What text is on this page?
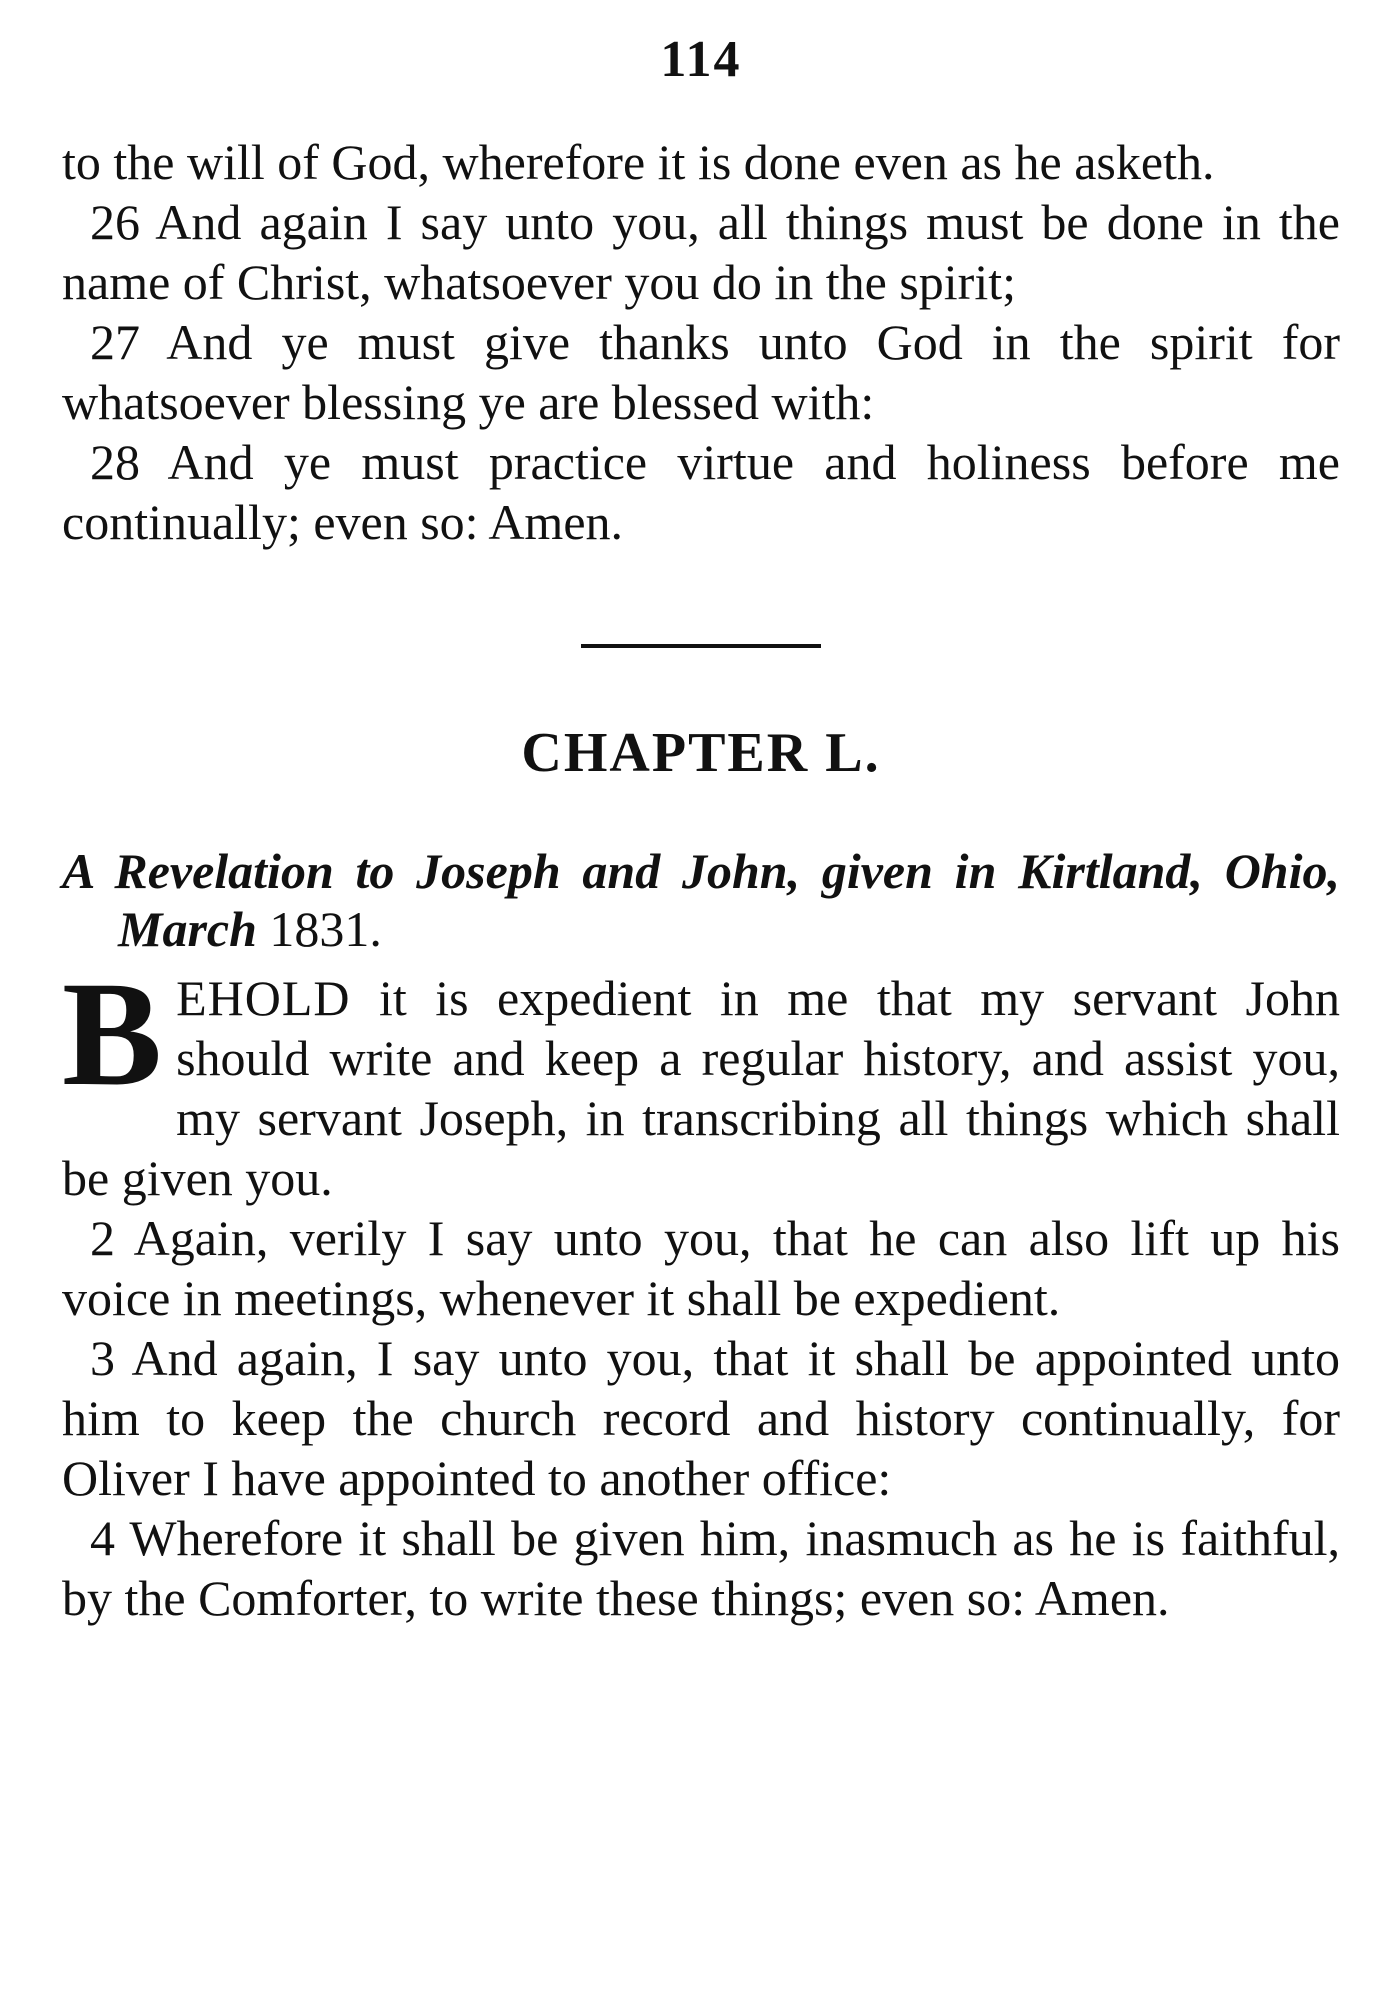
114

to the will of God, wherefore it is done even as he asketh.

26 And again I say unto you, all things must be done in the name of Christ, whatsoever you do in the spirit;

27 And ye must give thanks unto God in the spirit for whatsoever blessing ye are blessed with:

28 And ye must practice virtue and holiness before me continually; even so: Amen.

CHAPTER L.

A Revelation to Joseph and John, given in Kirtland, Ohio, March 1831.

BEHOLD it is expedient in me that my servant John should write and keep a regular history, and assist you, my servant Joseph, in transcribing all things which shall be given you.

2 Again, verily I say unto you, that he can also lift up his voice in meetings, whenever it shall be expedient.

3 And again, I say unto you, that it shall be appointed unto him to keep the church record and history continually, for Oliver I have appointed to another office:

4 Wherefore it shall be given him, inasmuch as he is faithful, by the Comforter, to write these things; even so: Amen.
